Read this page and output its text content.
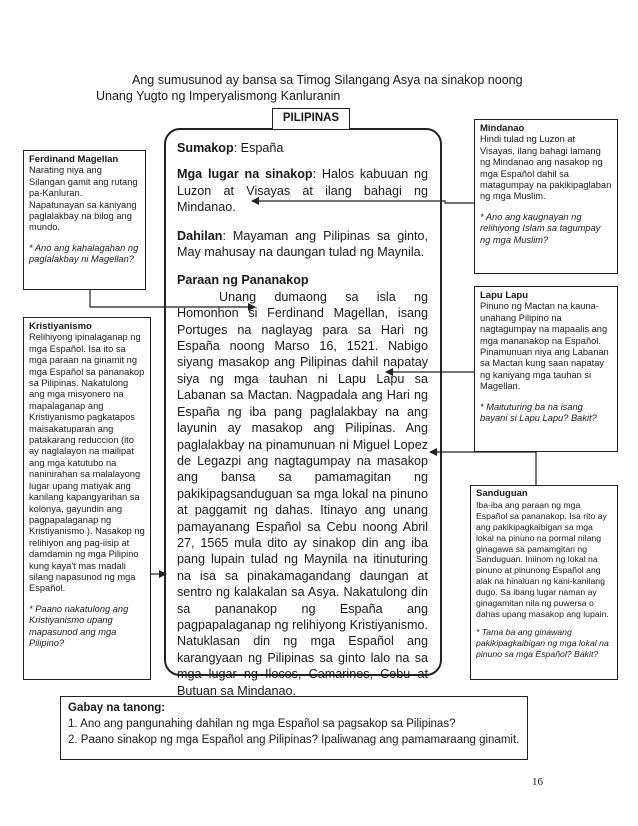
Ang sumusunod ay bansa sa Timog Silangang Asya na sinakop noong
Unang Yugto ng Imperyalismong Kanluranin
PILIPINAS

Sumakop: España

Mga lugar na sinakop: Halos kabuuan ng Luzon at Visayas at ilang bahagi ng Mindanao.

Dahilan: Mayaman ang Pilipinas sa ginto, May mahusay na daungan tulad ng Maynila.

Paraan ng Pananakop

Unang dumaong sa isla ng Homonhon si Ferdinand Magellan, isang Portuges na naglayag para sa Hari ng España noong Marso 16, 1521. Nabigo siyang masakop ang Pilipinas dahil napatay siya ng mga tauhan ni Lapu Lapu sa Labanan sa Mactan. Nagpadala ang Hari ng España ng iba pang paglalakbay na ang layunin ay masakop ang Pilipinas. Ang paglalakbay na pinamunuan ni Miguel Lopez de Legazpi ang nagtagumpay na masakop ang bansa sa pamamagitan ng pakikipagsanduguan sa mga lokal na pinuno at paggamit ng dahas. Itinayo ang unang pamayanang Español sa Cebu noong Abril 27, 1565 mula dito ay sinakop din ang iba pang lupain tulad ng Maynila na itinuturing na isa sa pinakamagandang daungan at sentro ng kalakalan sa Asya. Nakatulong din sa pananakop ng España ang pagpapalaganap ng relihiyong Kristiyanismo. Natuklasan din ng mga Español ang karangyaan ng Pilipinas sa ginto lalo na sa mga lugar ng Ilocos, Camarines, Cebu at Butuan sa Mindanao.

Ferdinand Magellan

Narating niya ang Silangan gamit ang rutang pa-Kanluran. Napatunayan sa kaniyang paglalakbay na bilog ang mundo.

* Ano ang kahalagahan ng paglalakbay ni Magellan?
Kristiyanismo

Relihiyong ipinalaganap ng mga Español. Isa ito sa mga paraan na ginamit ng mga Español sa pananakop sa Pilipinas. Nakatulong ang mga misyonero na mapalaganap ang Kristiyanismo pagkatapos maisakatuparan ang patakarang reduccion (ito ay naglalayon na mailipat ang mga katutubo na naninirahan sa malalayong lugar upang matiyak ang kanilang kapangyarihan sa kolonya, gayundin ang pagpapalaganap ng Kristiyanismo ). Nasakop ng relihiyon ang pag-iisip at damdamin ng mga Pilipino kung kaya't mas madali silang napasunod ng mga Español.

* Paano nakatulong ang Kristiyanismo upang mapasunod ang mga Pilipino?
Mindanao

Hindi tulad ng Luzon at Visayas, ilang bahagi lamang ng Mindanao ang nasakop ng mga Español dahil sa matagumpay na pakikipaglaban ng mga Muslim.

* Ano ang kaugnayan ng relihiyong Islam sa tagumpay ng mga Muslim?
Lapu Lapu

Pinuno ng Mactan na kauna-unahang Pilipino na nagtagumpay na mapaalis ang mga mananakop na Español. Pinamunuan niya ang Labanan sa Mactan kung saan napatay ng kaniyang mga tauhan si Magellan.

* Maituturing ba na isang bayani si Lapu Lapu? Bakit?
Sanduguan

Iba-iba ang paraan ng mga Español sa pananakop. Isa rito ay ang pakikipagkaibigan sa mga lokal na pinuno na pormal nilang ginagawa sa pamamgitan ng Sanduguan. Iniinom ng lokal na pinuno at pinunong Español ang alak na hinaluan ng kani-kanilang dugo. Sa ibang lugar naman ay ginagamitan nila ng puwersa o dahas upang masakop ang lupain.

* Tama ba ang ginawang pakikipagkaibigan ng mga lokal na pinuno sa mga Español? Bakit?
Gabay na tanong:
1. Ano ang pangunahing dahilan ng mga Español sa pagsakop sa Pilipinas?
2. Paano sinakop ng mga Español ang Pilipinas? Ipaliwanag ang pamamaraang ginamit.
16
